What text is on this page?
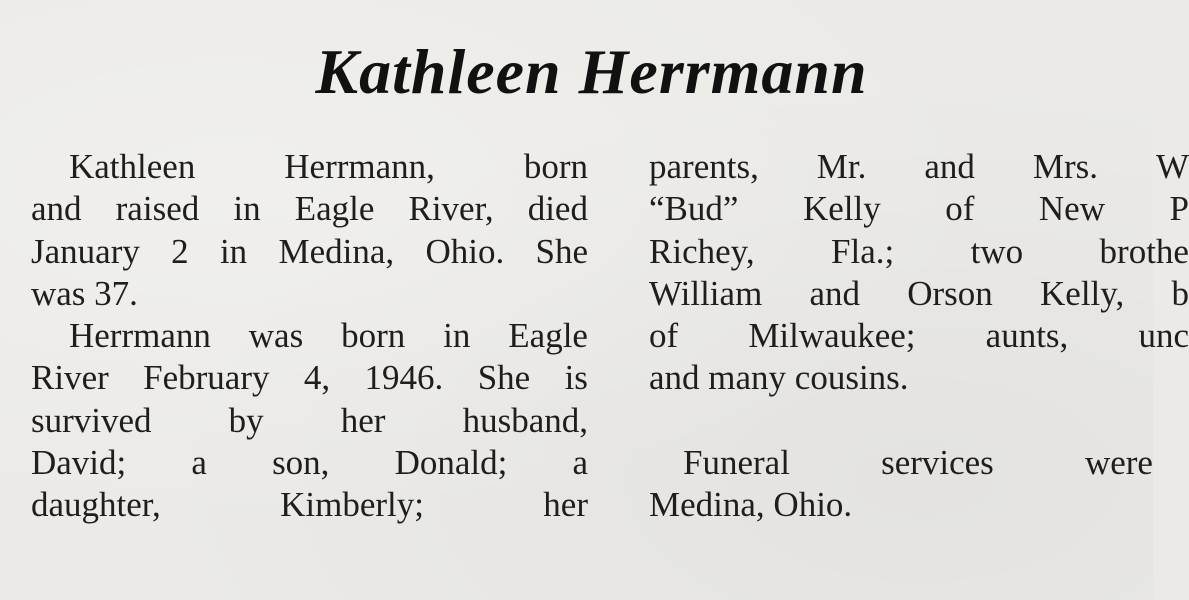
Kathleen Herrmann
Kathleen	Herrmann,	born
and raised in Eagle River, died
January 2 in Medina, Ohio. She
was 37.
Herrmann was born in Eagle
River February 4, 1946. She is
survived by her husband,
David; a son, Donald; a
daughter,	Kimberly;	her
parents, Mr. and Mrs. W
“Bud” Kelly of New P
Richey, Fla.; two brothe
William and Orson Kelly, b
of Milwaukee; aunts, unc
and many cousins.
Funeral	services	were
Medina, Ohio.
